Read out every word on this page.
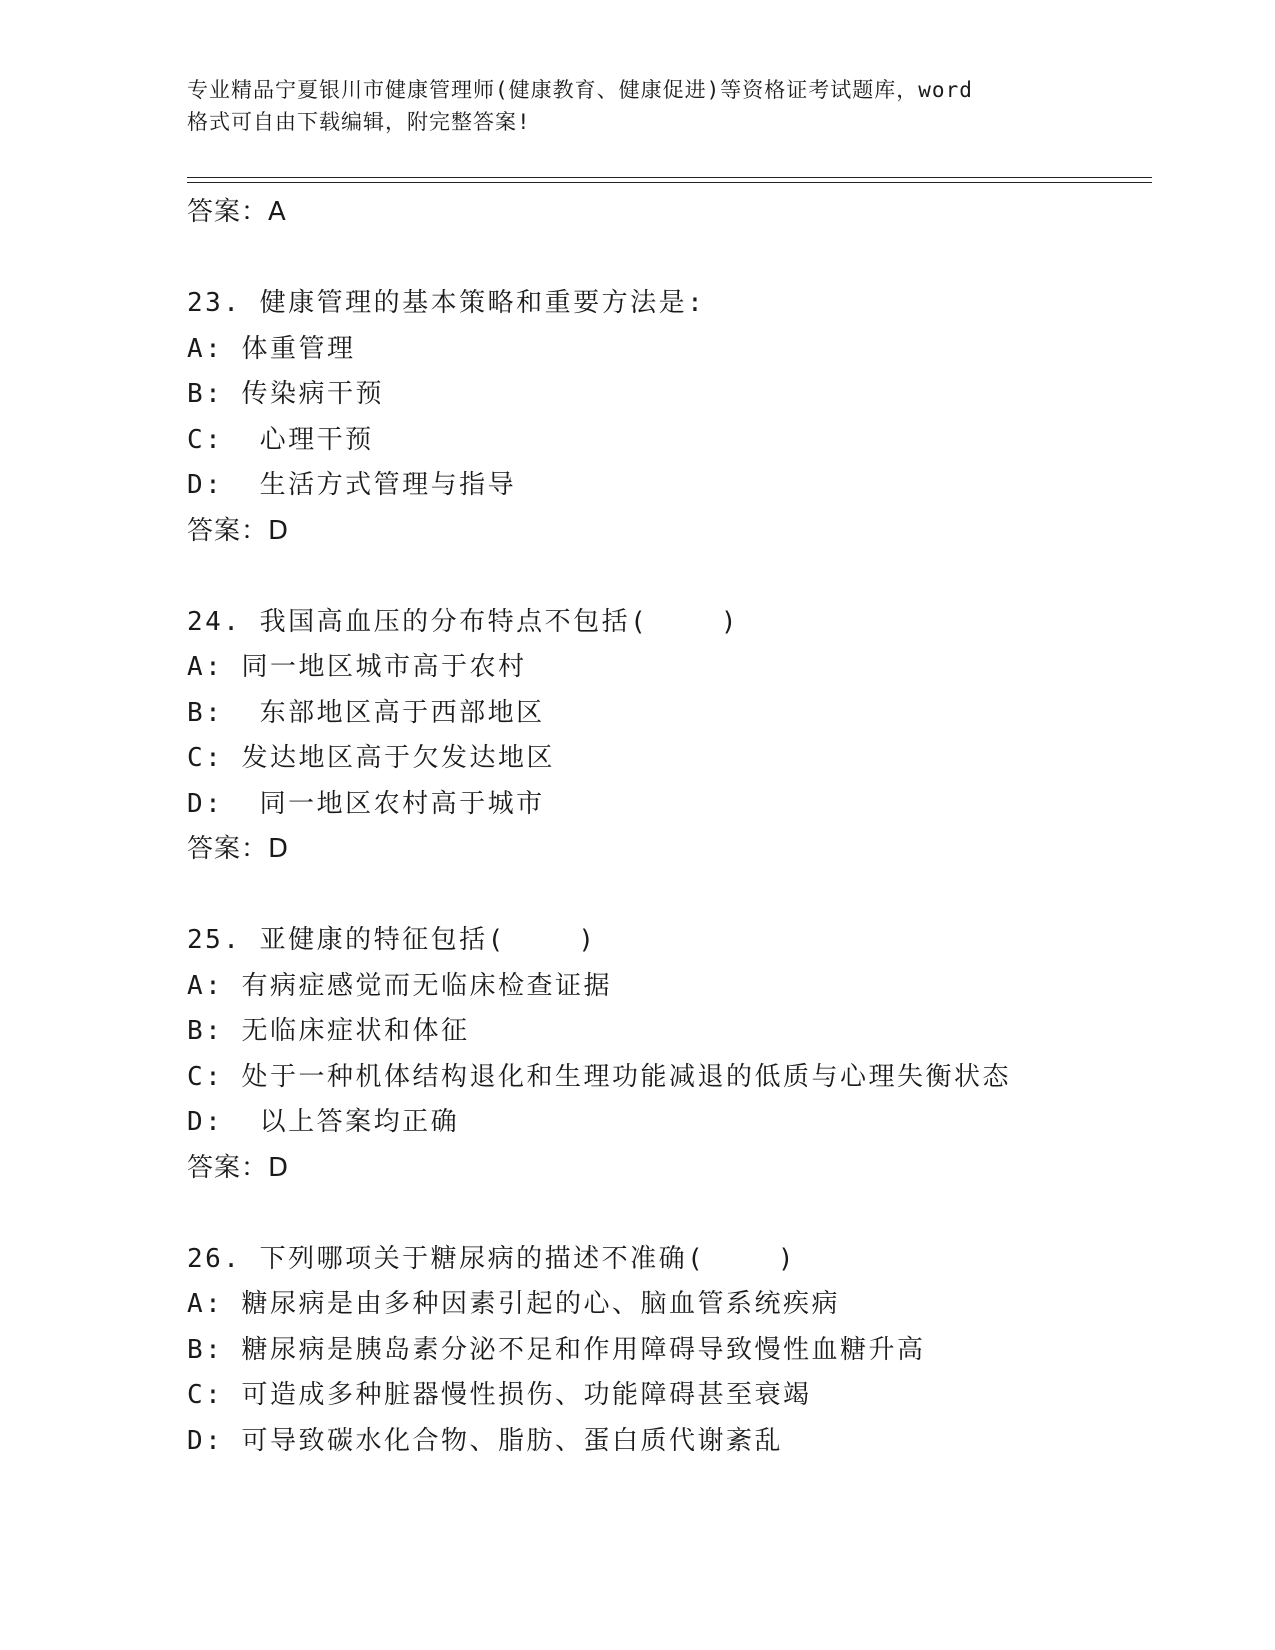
专业精品宁夏银川市健康管理师(健康教育、健康促进)等资格证考试题库，word
格式可自由下载编辑，附完整答案!
答案：A
23. 健康管理的基本策略和重要方法是:
A: 体重管理
B: 传染病干预
C:  心理干预
D:  生活方式管理与指导
答案：D
24. 我国高血压的分布特点不包括(    )
A: 同一地区城市高于农村
B:  东部地区高于西部地区
C: 发达地区高于欠发达地区
D:  同一地区农村高于城市
答案：D
25. 亚健康的特征包括(    )
A: 有病症感觉而无临床检查证据
B: 无临床症状和体征
C: 处于一种机体结构退化和生理功能减退的低质与心理失衡状态
D:  以上答案均正确
答案：D
26. 下列哪项关于糖尿病的描述不准确(    )
A: 糖尿病是由多种因素引起的心、脑血管系统疾病
B: 糖尿病是胰岛素分泌不足和作用障碍导致慢性血糖升高
C: 可造成多种脏器慢性损伤、功能障碍甚至衰竭
D: 可导致碳水化合物、脂肪、蛋白质代谢紊乱
